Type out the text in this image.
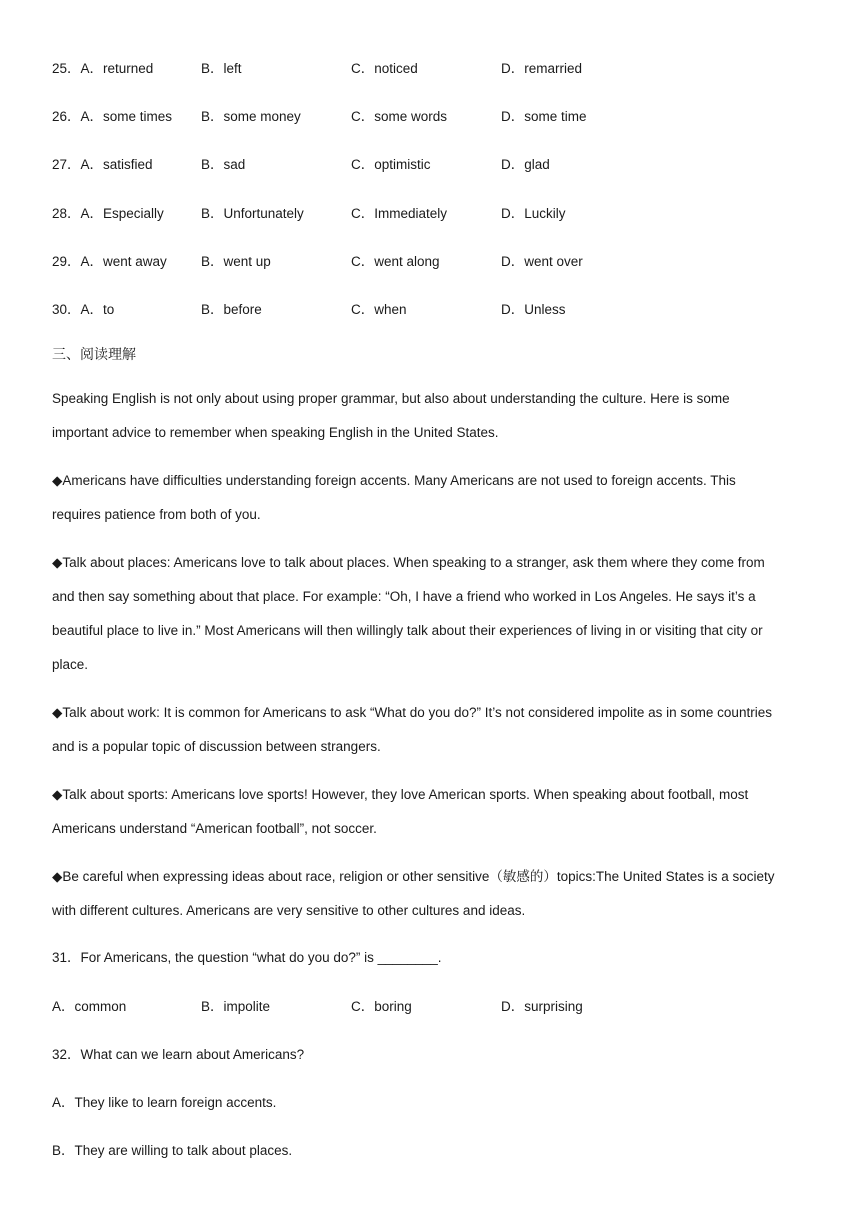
25．A．returned	B．left	C．noticed	D．remarried
26．A．some times B．some money	C．some words	D．some time
27．A．satisfied	B．sad	C．optimistic	D．glad
28．A．Especially	B．Unfortunately	C．Immediately	D．Luckily
29．A．went away	B．went up	C．went along	D．went over
30．A．to	B．before	C．when	D．Unless
三、阅读理解
Speaking English is not only about using proper grammar, but also about understanding the culture. Here is some
important advice to remember when speaking English in the United States.
◆Americans have difficulties understanding foreign accents. Many Americans are not used to foreign accents. This
requires patience from both of you.
◆Talk about places: Americans love to talk about places. When speaking to a stranger, ask them where they come from
and then say something about that place. For example: “Oh, I have a friend who worked in Los Angeles. He says it’s a
beautiful place to live in.” Most Americans will then willingly talk about their experiences of living in or visiting that city or
place.
◆Talk about work: It is common for Americans to ask “What do you do?” It’s not considered impolite as in some countries
and is a popular topic of discussion between strangers.
◆Talk about sports: Americans love sports! However, they love American sports. When speaking about football, most
Americans understand “American football”, not soccer.
◆Be careful when expressing ideas about race, religion or other sensitive（敏感的）topics:The United States is a society
with different cultures. Americans are very sensitive to other cultures and ideas.
31．For Americans, the question “what do you do?” is ________.
A．common	B．impolite	C．boring	D．surprising
32．What can we learn about Americans?
A．They like to learn foreign accents.
B．They are willing to talk about places.
